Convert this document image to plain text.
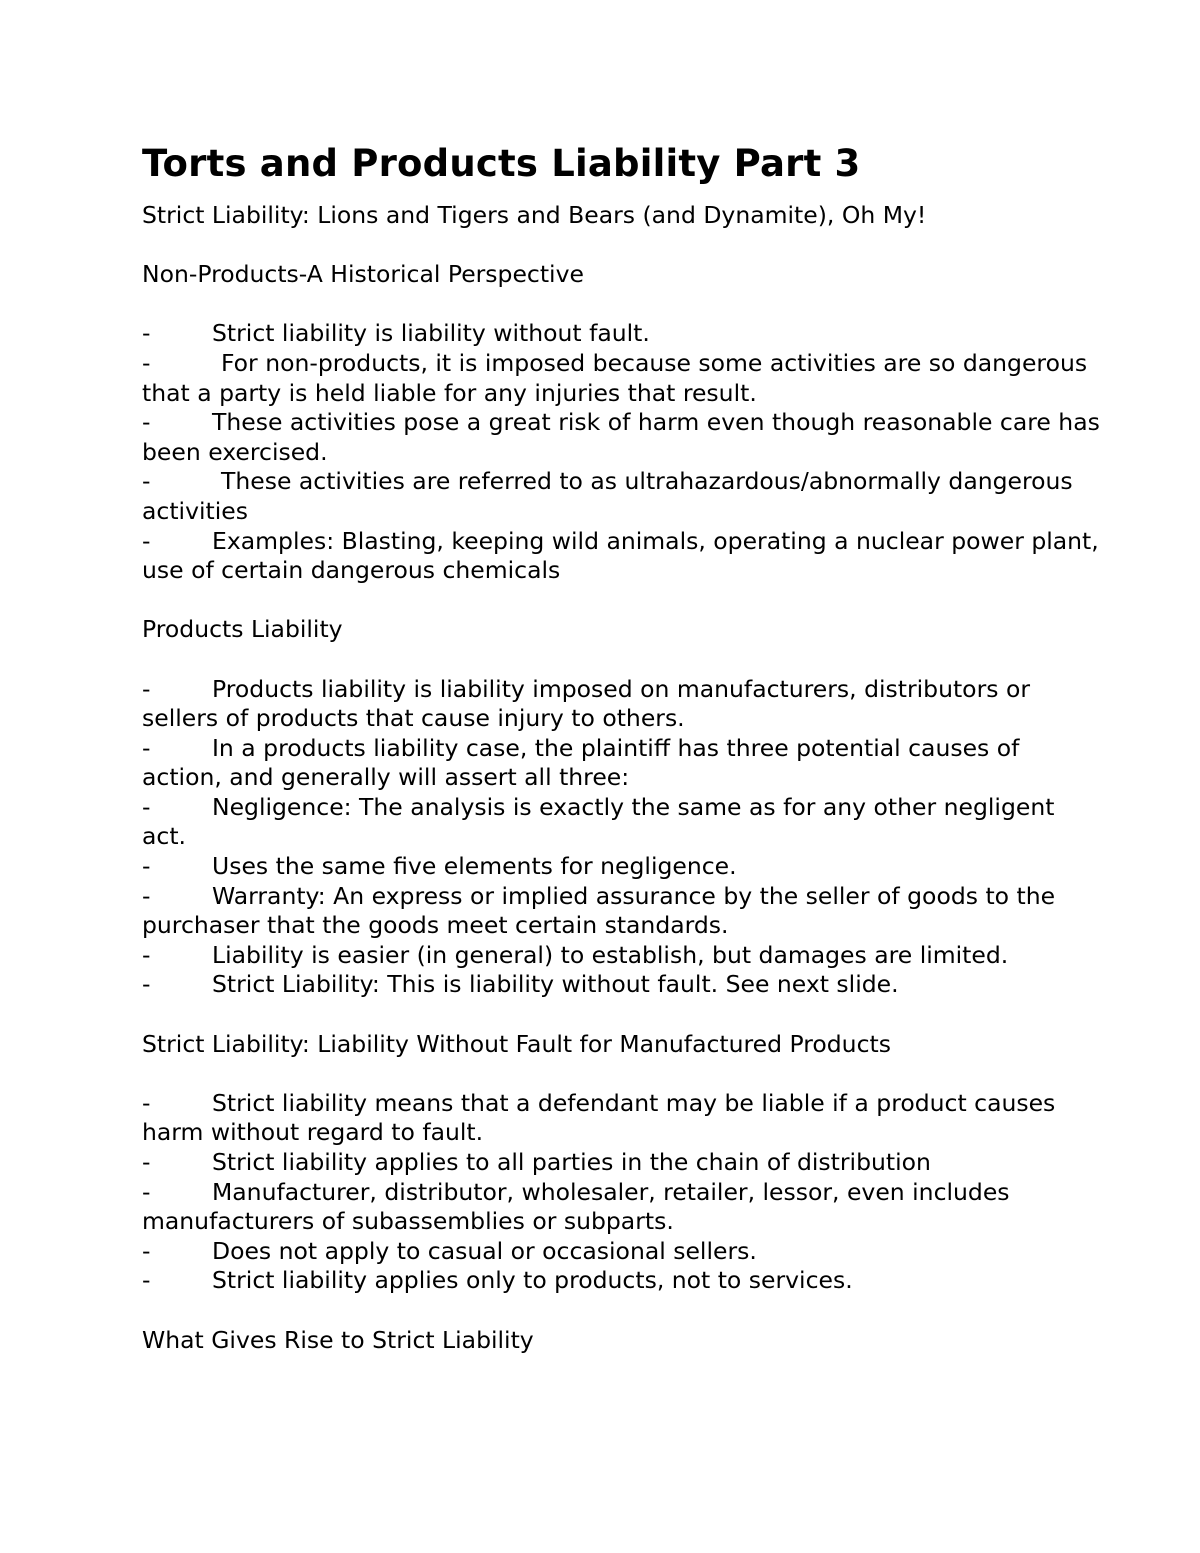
Torts and Products Liability Part 3

Strict Liability: Lions and Tigers and Bears (and Dynamite), Oh My!

Non-Products-A Historical Perspective

-	Strict liability is liability without fault.

-	For non-products, it is imposed because some activities are so dangerous that a party is held liable for any injuries that result.

-	These activities pose a great risk of harm even though reasonable care has been exercised.

-	These activities are referred to as ultrahazardous/abnormally dangerous activities

-	Examples: Blasting, keeping wild animals, operating a nuclear power plant, use of certain dangerous chemicals

Products Liability

-	Products liability is liability imposed on manufacturers, distributors or sellers of products that cause injury to others.

-	In a products liability case, the plaintiff has three potential causes of action, and generally will assert all three:

-	Negligence: The analysis is exactly the same as for any other negligent act.

-	Uses the same five elements for negligence.

-	Warranty: An express or implied assurance by the seller of goods to the purchaser that the goods meet certain standards.

-	Liability is easier (in general) to establish, but damages are limited.

-	Strict Liability: This is liability without fault. See next slide.

Strict Liability: Liability Without Fault for Manufactured Products

-	Strict liability means that a defendant may be liable if a product causes harm without regard to fault.

-	Strict liability applies to all parties in the chain of distribution

-	Manufacturer, distributor, wholesaler, retailer, lessor, even includes manufacturers of subassemblies or subparts.

-	Does not apply to casual or occasional sellers.

-	Strict liability applies only to products, not to services.

What Gives Rise to Strict Liability
